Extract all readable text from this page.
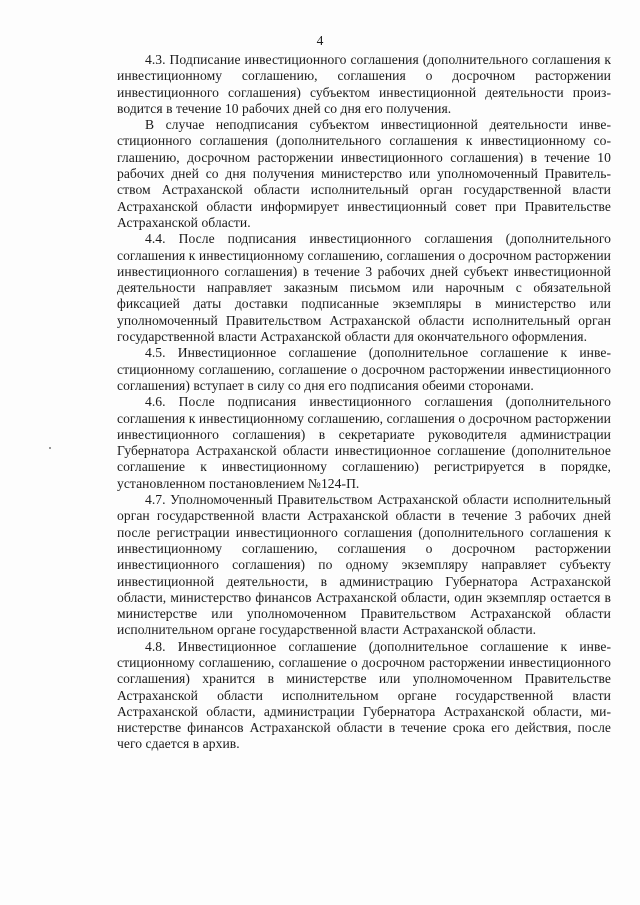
4

4.3. Подписание инвестиционного соглашения (дополнительного соглашения к инвестиционному соглашению, соглашения о досрочном расторжении инвестиционного соглашения) субъектом инвестиционной деятельности производится в течение 10 рабочих дней со дня его получения.

В случае неподписания субъектом инвестиционной деятельности инвестиционного соглашения (дополнительного соглашения к инвестиционному соглашению, досрочном расторжении инвестиционного соглашения) в течение 10 рабочих дней со дня получения министерство или уполномоченный Правительством Астраханской области исполнительный орган государственной власти Астраханской области информирует инвестиционный совет при Правительстве Астраханской области.

4.4. После подписания инвестиционного соглашения (дополнительного соглашения к инвестиционному соглашению, соглашения о досрочном расторжении инвестиционного соглашения) в течение 3 рабочих дней субъект инвестиционной деятельности направляет заказным письмом или нарочным с обязательной фиксацией даты доставки подписанные экземпляры в министерство или уполномоченный Правительством Астраханской области исполнительный орган государственной власти Астраханской области для окончательного оформления.

4.5. Инвестиционное соглашение (дополнительное соглашение к инвестиционному соглашению, соглашение о досрочном расторжении инвестиционного соглашения) вступает в силу со дня его подписания обеими сторонами.

4.6. После подписания инвестиционного соглашения (дополнительного соглашения к инвестиционному соглашению, соглашения о досрочном расторжении инвестиционного соглашения) в секретариате руководителя администрации Губернатора Астраханской области инвестиционное соглашение (дополнительное соглашение к инвестиционному соглашению) регистрируется в порядке, установленном постановлением №124-П.

4.7. Уполномоченный Правительством Астраханской области исполнительный орган государственной власти Астраханской области в течение 3 рабочих дней после регистрации инвестиционного соглашения (дополнительного соглашения к инвестиционному соглашению, соглашения о досрочном расторжении инвестиционного соглашения) по одному экземпляру направляет субъекту инвестиционной деятельности, в администрацию Губернатора Астраханской области, министерство финансов Астраханской области, один экземпляр остается в министерстве или уполномоченном Правительством Астраханской области исполнительном органе государственной власти Астраханской области.

4.8. Инвестиционное соглашение (дополнительное соглашение к инвестиционному соглашению, соглашение о досрочном расторжении инвестиционного соглашения) хранится в министерстве или уполномоченном Правительстве Астраханской области исполнительном органе государственной власти Астраханской области, администрации Губернатора Астраханской области, министерстве финансов Астраханской области в течение срока его действия, после чего сдается в архив.
